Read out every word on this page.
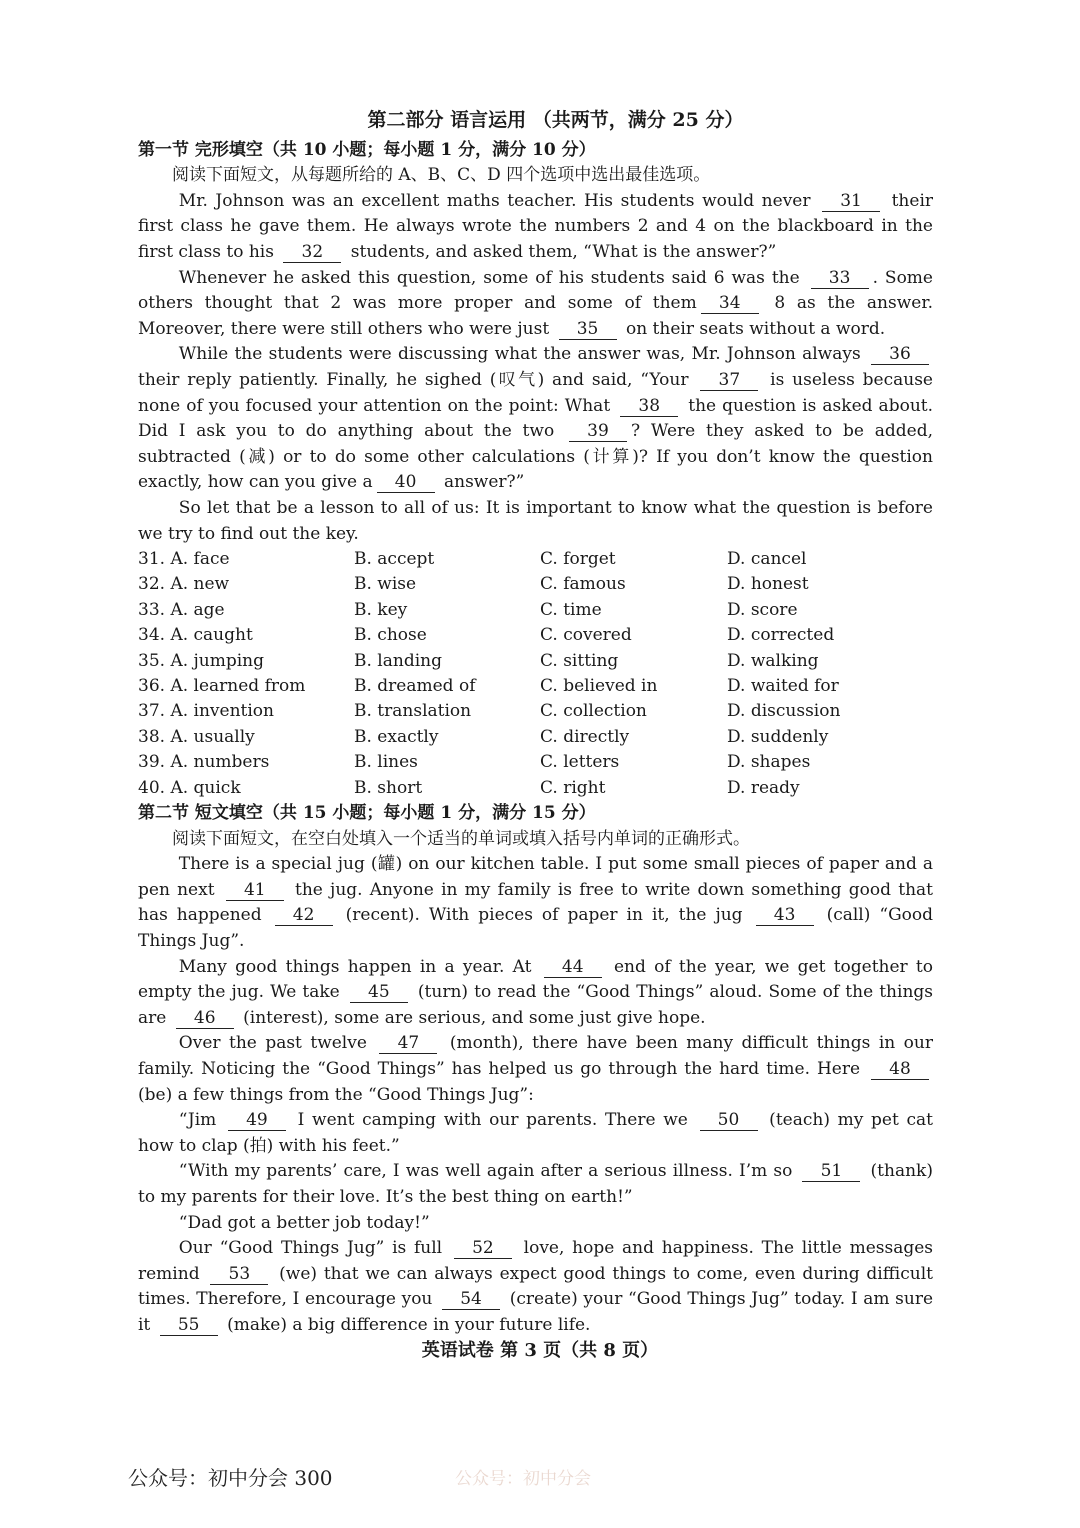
第二部分 语言运用 （共两节，满分 25 分）
第一节 完形填空（共 10 小题；每小题 1 分，满分 10 分）

阅读下面短文，从每题所给的 A、B、C、D 四个选项中选出最佳选项。

Mr. Johnson was an excellent maths teacher. His students would never 31 their first class he gave them. He always wrote the numbers 2 and 4 on the blackboard in the first class to his 32 students, and asked them, “What is the answer?”

Whenever he asked this question, some of his students said 6 was the 33 . Some others thought that 2 was more proper and some of them 34 8 as the answer. Moreover, there were still others who were just 35 on their seats without a word.

While the students were discussing what the answer was, Mr. Johnson always 36 their reply patiently. Finally, he sighed (叹气) and said, “Your 37 is useless because none of you focused your attention on the point: What 38 the question is asked about. Did I ask you to do anything about the two 39 ? Were they asked to be added, subtracted (减) or to do some other calculations (计算)? If you don’t know the question exactly, how can you give a 40 answer?”

So let that be a lesson to all of us: It is important to know what the question is before we try to find out the key.

31. A. face	B. accept	C. forget	D. cancel
32. A. new	B. wise	C. famous	D. honest
33. A. age	B. key	C. time	D. score
34. A. caught	B. chose	C. covered	D. corrected
35. A. jumping	B. landing	C. sitting	D. walking
36. A. learned from	B. dreamed of	C. believed in	D. waited for
37. A. invention	B. translation	C. collection	D. discussion
38. A. usually	B. exactly	C. directly	D. suddenly
39. A. numbers	B. lines	C. letters	D. shapes
40. A. quick	B. short	C. right	D. ready
第二节 短文填空（共 15 小题；每小题 1 分，满分 15 分）

阅读下面短文，在空白处填入一个适当的单词或填入括号内单词的正确形式。

There is a special jug (罐) on our kitchen table. I put some small pieces of paper and a pen next 41 the jug. Anyone in my family is free to write down something good that has happened 42 (recent). With pieces of paper in it, the jug 43 (call) “Good Things Jug”.

Many good things happen in a year. At 44 end of the year, we get together to empty the jug. We take 45 (turn) to read the “Good Things” aloud. Some of the things are 46 (interest), some are serious, and some just give hope.

Over the past twelve 47 (month), there have been many difficult things in our family. Noticing the “Good Things” has helped us go through the hard time. Here 48 (be) a few things from the “Good Things Jug”:

“Jim 49 I went camping with our parents. There we 50 (teach) my pet cat how to clap (拍) with his feet.”

“With my parents’ care, I was well again after a serious illness. I’m so 51 (thank) to my parents for their love. It’s the best thing on earth!”

“Dad got a better job today!”

Our “Good Things Jug” is full 52 love, hope and happiness. The little messages remind 53 (we) that we can always expect good things to come, even during difficult times. Therefore, I encourage you 54 (create) your “Good Things Jug” today. I am sure it 55 (make) a big difference in your future life.

英语试卷 第 3 页（共 8 页）
公众号：初中分会 300	公众号：初中分会
